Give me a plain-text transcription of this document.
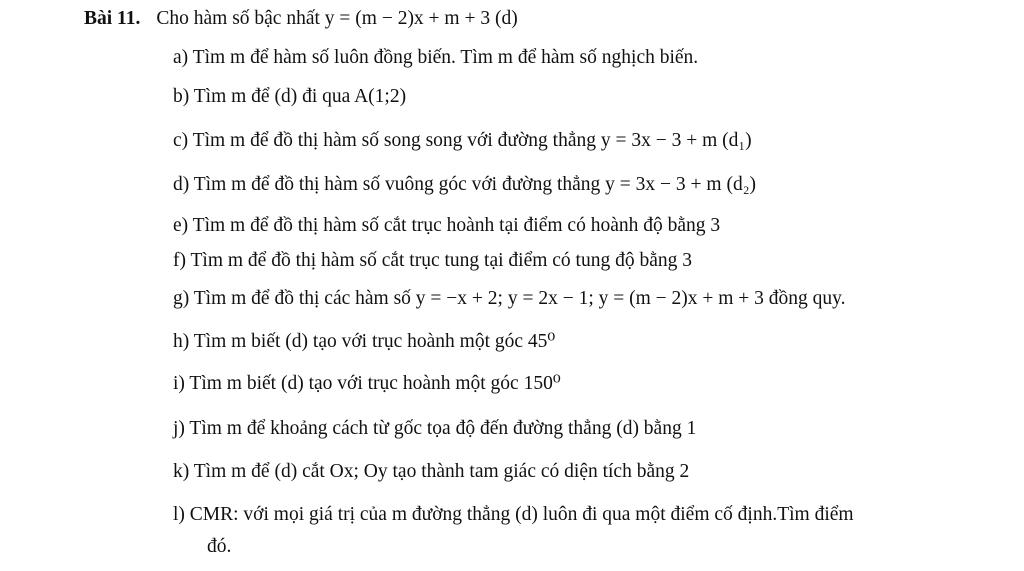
Bài 11. Cho hàm số bậc nhất y = (m − 2)x + m + 3 (d)
a) Tìm m để hàm số luôn đồng biến. Tìm m để hàm số nghịch biến.
b) Tìm m để (d) đi qua A(1;2)
c) Tìm m để đồ thị hàm số song song với đường thẳng y = 3x − 3 + m (d₁)
d) Tìm m để đồ thị hàm số vuông góc với đường thẳng y = 3x − 3 + m (d₂)
e) Tìm m để đồ thị hàm số cắt trục hoành tại điểm có hoành độ bằng 3
f) Tìm m để đồ thị hàm số cắt trục tung tại điểm có tung độ bằng 3
g) Tìm m để đồ thị các hàm số y = −x + 2; y = 2x − 1; y = (m − 2)x + m + 3 đồng quy.
h) Tìm m biết (d) tạo với trục hoành một góc 45⁰
i) Tìm m biết (d) tạo với trục hoành một góc 150⁰
j) Tìm m để khoảng cách từ gốc tọa độ đến đường thẳng (d) bằng 1
k) Tìm m để (d) cắt Ox; Oy tạo thành tam giác có diện tích bằng 2
l) CMR: với mọi giá trị của m đường thẳng (d) luôn đi qua một điểm cố định.Tìm điểm
đó.
